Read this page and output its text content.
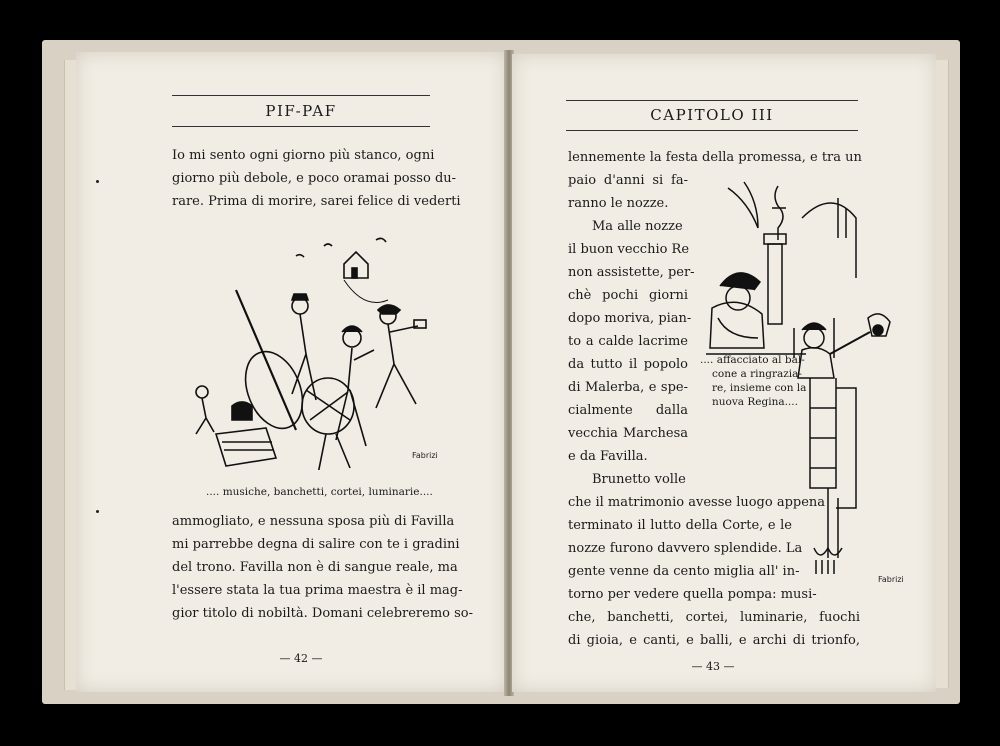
PIF-PAF
Io mi sento ogni giorno più stanco, ogni
giorno più debole, e poco oramai posso du-
rare. Prima di morire, sarei felice di vederti
Fabrizi
.... musiche, banchetti, cortei, luminarie....
ammogliato, e nessuna sposa più di Favilla
mi parrebbe degna di salire con te i gradini
del trono. Favilla non è di sangue reale, ma
l'essere stata la tua prima maestra è il mag-
gior titolo di nobiltà. Domani celebreremo so-
— 42 —
CAPITOLO III
lennemente la festa della promessa, e tra un
paio d'anni si fa-
ranno le nozze.
Ma alle nozze
il buon vecchio Re
non assistette, per-
chè pochi giorni
dopo moriva, pian-
to a calde lacrime
da tutto il popolo
di Malerba, e spe-
cialmente dalla
vecchia Marchesa
e da Favilla.
.... affacciato al bal-
cone a ringrazia-
re, insieme con la
nuova Regina....
Fabrizi
Brunetto volle
che il matrimonio avesse luogo appena
terminato il lutto della Corte, e le
nozze furono davvero splendide. La
gente venne da cento miglia all' in-
torno per vedere quella pompa: musi-
che, banchetti, cortei, luminarie, fuochi
di gioia, e canti, e balli, e archi di trionfo,
— 43 —
